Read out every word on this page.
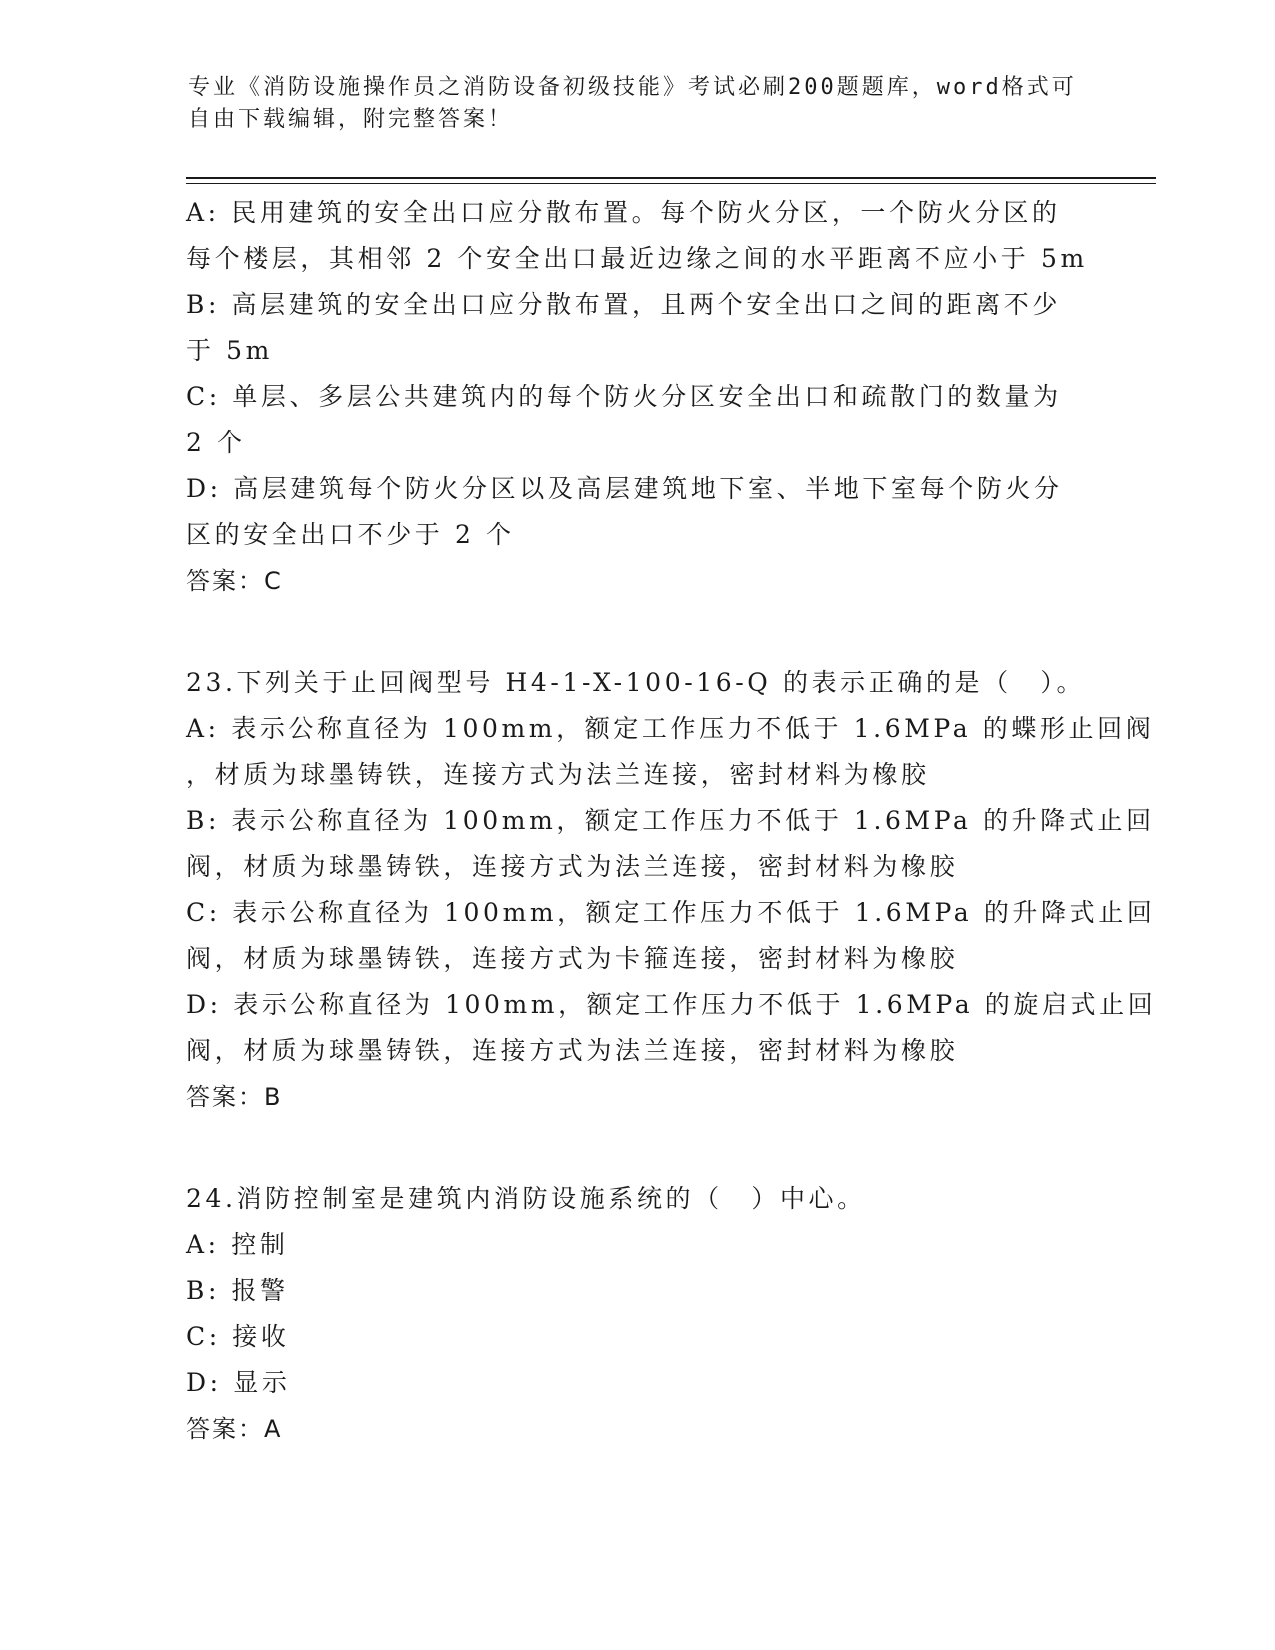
专业《消防设施操作员之消防设备初级技能》考试必刷200题题库，word格式可
自由下载编辑，附完整答案！
A: 民用建筑的安全出口应分散布置。每个防火分区，一个防火分区的
每个楼层，其相邻 2 个安全出口最近边缘之间的水平距离不应小于 5m
B: 高层建筑的安全出口应分散布置，且两个安全出口之间的距离不少
于 5m
C: 单层、多层公共建筑内的每个防火分区安全出口和疏散门的数量为
2 个
D: 高层建筑每个防火分区以及高层建筑地下室、半地下室每个防火分
区的安全出口不少于 2 个
答案：C
23.下列关于止回阀型号 H4-1-X-100-16-Q 的表示正确的是（　）。
A: 表示公称直径为 100mm，额定工作压力不低于 1.6MPa 的蝶形止回阀
，材质为球墨铸铁，连接方式为法兰连接，密封材料为橡胶
B: 表示公称直径为 100mm，额定工作压力不低于 1.6MPa 的升降式止回
阀，材质为球墨铸铁，连接方式为法兰连接，密封材料为橡胶
C: 表示公称直径为 100mm，额定工作压力不低于 1.6MPa 的升降式止回
阀，材质为球墨铸铁，连接方式为卡箍连接，密封材料为橡胶
D: 表示公称直径为 100mm，额定工作压力不低于 1.6MPa 的旋启式止回
阀，材质为球墨铸铁，连接方式为法兰连接，密封材料为橡胶
答案：B
24.消防控制室是建筑内消防设施系统的（　）中心。
A: 控制
B: 报警
C: 接收
D: 显示
答案：A
